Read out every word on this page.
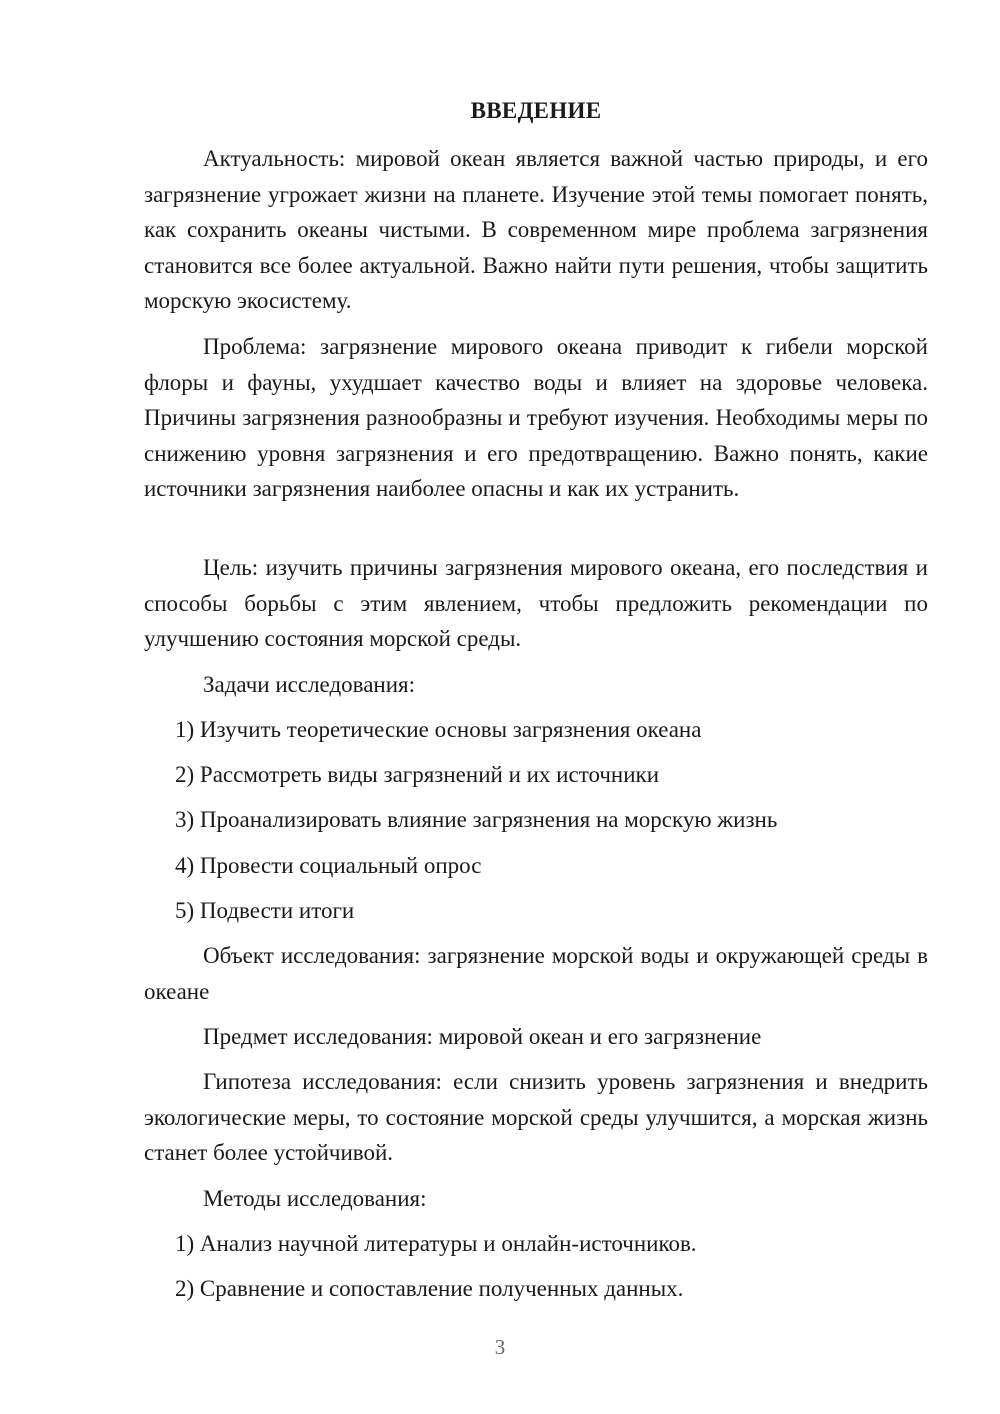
ВВЕДЕНИЕ

Актуальность: мировой океан является важной частью природы, и его загрязнение угрожает жизни на планете. Изучение этой темы помогает понять, как сохранить океаны чистыми. В современном мире проблема загрязнения становится все более актуальной. Важно найти пути решения, чтобы защитить морскую экосистему.

Проблема: загрязнение мирового океана приводит к гибели морской флоры и фауны, ухудшает качество воды и влияет на здоровье человека. Причины загрязнения разнообразны и требуют изучения. Необходимы меры по снижению уровня загрязнения и его предотвращению. Важно понять, какие источники загрязнения наиболее опасны и как их устранить.

Цель: изучить причины загрязнения мирового океана, его последствия и способы борьбы с этим явлением, чтобы предложить рекомендации по улучшению состояния морской среды.

Задачи исследования:
1) Изучить теоретические основы загрязнения океана
2) Рассмотреть виды загрязнений и их источники
3) Проанализировать влияние загрязнения на морскую жизнь
4) Провести социальный опрос
5) Подвести итоги

Объект исследования: загрязнение морской воды и окружающей среды в океане

Предмет исследования: мировой океан и его загрязнение

Гипотеза исследования: если снизить уровень загрязнения и внедрить экологические меры, то состояние морской среды улучшится, а морская жизнь станет более устойчивой.

Методы исследования:
1) Анализ научной литературы и онлайн-источников.
2) Сравнение и сопоставление полученных данных.
3
